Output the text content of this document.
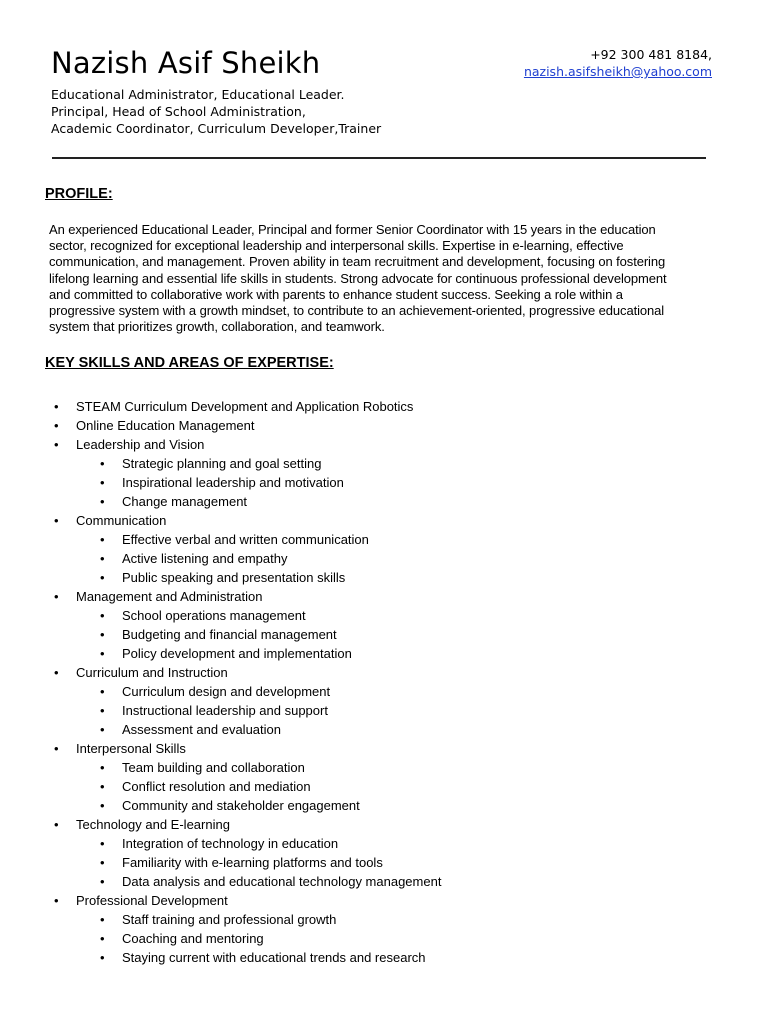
Nazish Asif Sheikh
Educational Administrator, Educational Leader.
Principal, Head of School Administration,
Academic Coordinator, Curriculum Developer,Trainer
+92 300 481 8184,
nazish.asifsheikh@yahoo.com
PROFILE:
An experienced Educational Leader, Principal and former Senior Coordinator with 15 years in the education
sector, recognized for exceptional leadership and interpersonal skills. Expertise in e-learning, effective
communication, and management. Proven ability in team recruitment and development, focusing on fostering
lifelong learning and essential life skills in students. Strong advocate for continuous professional development
and committed to collaborative work with parents to enhance student success. Seeking a role within a
progressive system with a growth mindset, to contribute to an achievement-oriented, progressive educational
system that prioritizes growth, collaboration, and teamwork.
KEY SKILLS AND AREAS OF EXPERTISE:
• STEAM Curriculum Development and Application Robotics
• Online Education Management
• Leadership and Vision
• Strategic planning and goal setting
• Inspirational leadership and motivation
• Change management
• Communication
• Effective verbal and written communication
• Active listening and empathy
• Public speaking and presentation skills
• Management and Administration
• School operations management
• Budgeting and financial management
• Policy development and implementation
• Curriculum and Instruction
• Curriculum design and development
• Instructional leadership and support
• Assessment and evaluation
• Interpersonal Skills
• Team building and collaboration
• Conflict resolution and mediation
• Community and stakeholder engagement
• Technology and E-learning
• Integration of technology in education
• Familiarity with e-learning platforms and tools
• Data analysis and educational technology management
• Professional Development
• Staff training and professional growth
• Coaching and mentoring
• Staying current with educational trends and research
